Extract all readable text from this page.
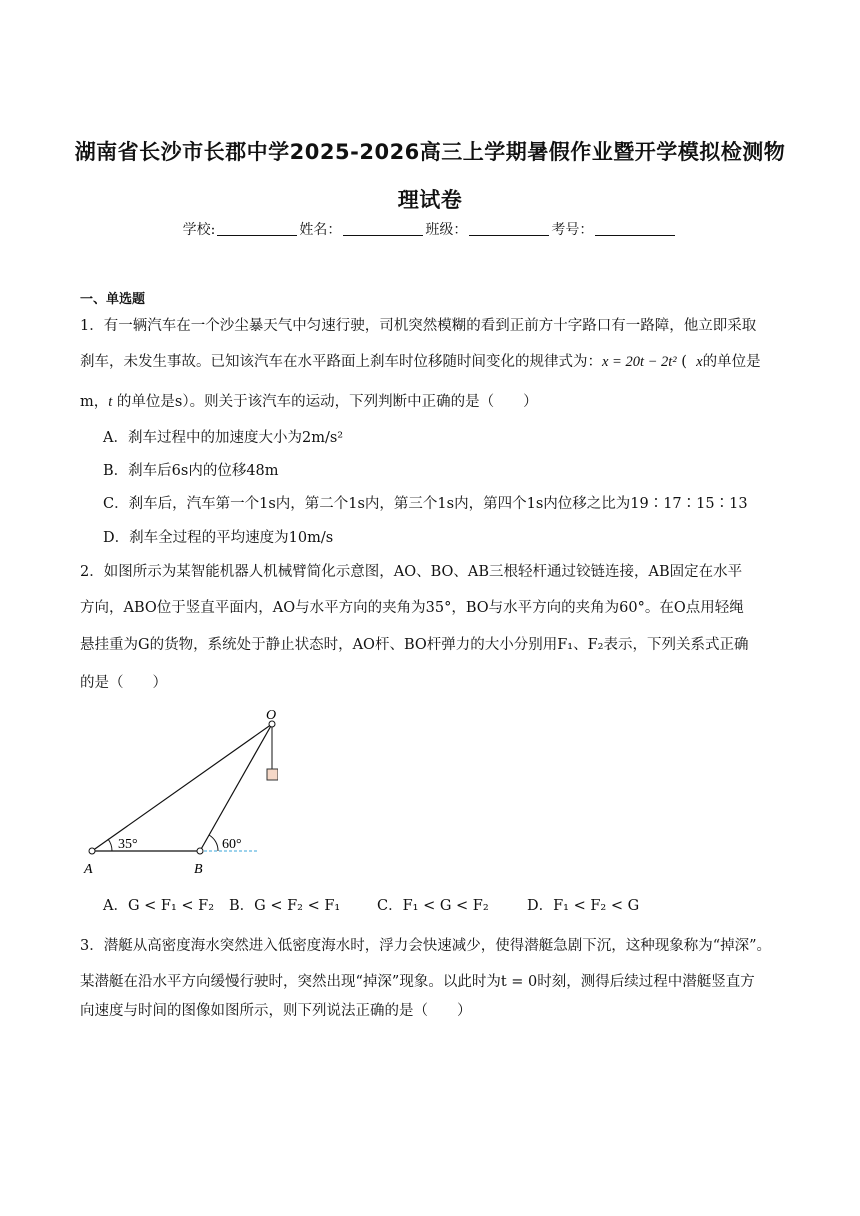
湖南省长沙市长郡中学2025-2026高三上学期暑假作业暨开学模拟检测物
理试卷
学校:	姓名：	班级：	考号：
一、单选题
1．有一辆汽车在一个沙尘暴天气中匀速行驶，司机突然模糊的看到正前方十字路口有一路障，他立即采取
刹车，未发生事故。已知该汽车在水平路面上刹车时位移随时间变化的规律式为：x = 20t − 2t² ( x的单位是
m，t 的单位是s）。则关于该汽车的运动，下列判断中正确的是（　　）
A．刹车过程中的加速度大小为2m/s²
B．刹车后6s内的位移48m
C．刹车后，汽车第一个1s内，第二个1s内，第三个1s内，第四个1s内位移之比为19∶17∶15∶13
D．刹车全过程的平均速度为10m/s
2．如图所示为某智能机器人机械臂简化示意图，AO、BO、AB三根轻杆通过铰链连接，AB固定在水平
方向，ABO位于竖直平面内，AO与水平方向的夹角为35°，BO与水平方向的夹角为60°。在O点用轻绳
悬挂重为G的货物，系统处于静止状态时，AO杆、BO杆弹力的大小分别用F₁、F₂表示，下列关系式正确
的是（　　）
O
A	B
35°	60°
A．G < F₁ < F₂ B．G < F₂ < F₁	C．F₁ < G < F₂	D．F₁ < F₂ < G
3．潜艇从高密度海水突然进入低密度海水时，浮力会快速减少，使得潜艇急剧下沉，这种现象称为“掉深”。
某潜艇在沿水平方向缓慢行驶时，突然出现“掉深”现象。以此时为t = 0时刻，测得后续过程中潜艇竖直方
向速度与时间的图像如图所示，则下列说法正确的是（　　）
